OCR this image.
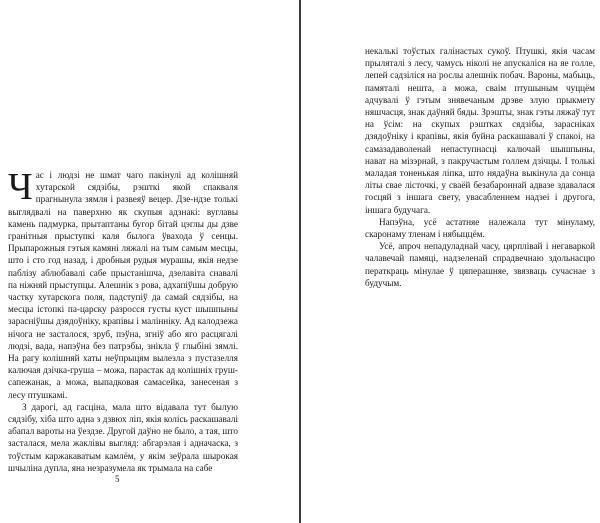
Час і людзі не шмат чаго пакінулі ад колішняй хутарской сядзібы, рэшткі якой спакваля прагнынула зямля і развеяў вецер. Дзе-ндзе толькі выглядвалі на паверхню як скупыя адзнакі: вуглавы камень падмурка, прытаптаны бугор бітай цэглы ды дзве гранітныя прыступкі каля былога ўвахода ў сенцы. Прыпарожныя гэтыя камяні ляжалі на тым самым месцы, што і сто год назад, і дробныя рудыя мурашы, якія недзе паблізу аблюбавалі сабе прыстанішча, дзелавіта снавалі па ніжняй прыступцы. Алешнік з рова, адхапіўшы добрую частку хутарскога поля, падступіў да самай сядзібы, на месцы істопкі па-царску разросся густы куст шышпыны зарасніўшы дзядоўніку, крапівы і маліннікy. Ад калодзежа нічога не засталося, зруб, пэўна, згнiў або яго расцягалі людзі, вада, напэўна без патрэбы, знікла ў глыбіні зямлі. На рагу колішняй хаты неўпрыцям вылезла з пустазелля калючая дзічка-груша – можа, парастак ад колішніх груш-сапежанак, а можа, выпадковая самасейка, занесеная з лесу птушкамі.

З дарогі, ад гасціна, мала што відавала тут былую сядзібу, хіба што адна з дзвюх ліп, якія колісь раскашавалі абапал вароты на ўездзе. Другой даўно не было, а тая, што засталася, мела жаклівы выгляд: абгарэлая і адначаска, з тоўстым каржакаватым камлём, у якім зеўрала шырокая шчыліна дупла, яна незразумела як трымала на сабе

5

некалькі тоўстых галінастых сукоў. Птушкі, якія часам прыляталі з лесу, чамусь ніколі не апускаліся на яе голле, лепей садзіліся на рослы алешнік побач. Вароны, мабыць, памяталі нешта, а можа, сваім птушыным чуццём адчувалі ў гэтым знявечаным дрэве злую прыкмету няшчасця, знак даўняй бяды. Зрэшты, знак гэты ляжаў тут на ўсім: на скупых рэштках сядзібы, зарасніках дзядоўніку і крапівы, якія буйна раскашавалі ў спакоі, на самазадаволенай непаступнасці калючай шышпыны, нават на мізэрнай, з пакручастым голлем дзічцы. І толькі маладая тоненькая ліпка, што нядаўна выкінула да сонца літы свае лісточкі, у сваёй безабароннай адвазе здавалася госцяй з іншага свету, увасабленнем надзеі і другога, іншага будучага.

Напэўна, усё астатняе належала тут мінуламу, скаронаму тленам і нябыццём.

Усё, апроч непадуладнай часу, цярплівай і негаваркой чалавечай памяці, надзеленай спрадвечнаю здольнасцю ператкраць мінулае ў цяперашняе, звязваць сучаснае з будучым.
